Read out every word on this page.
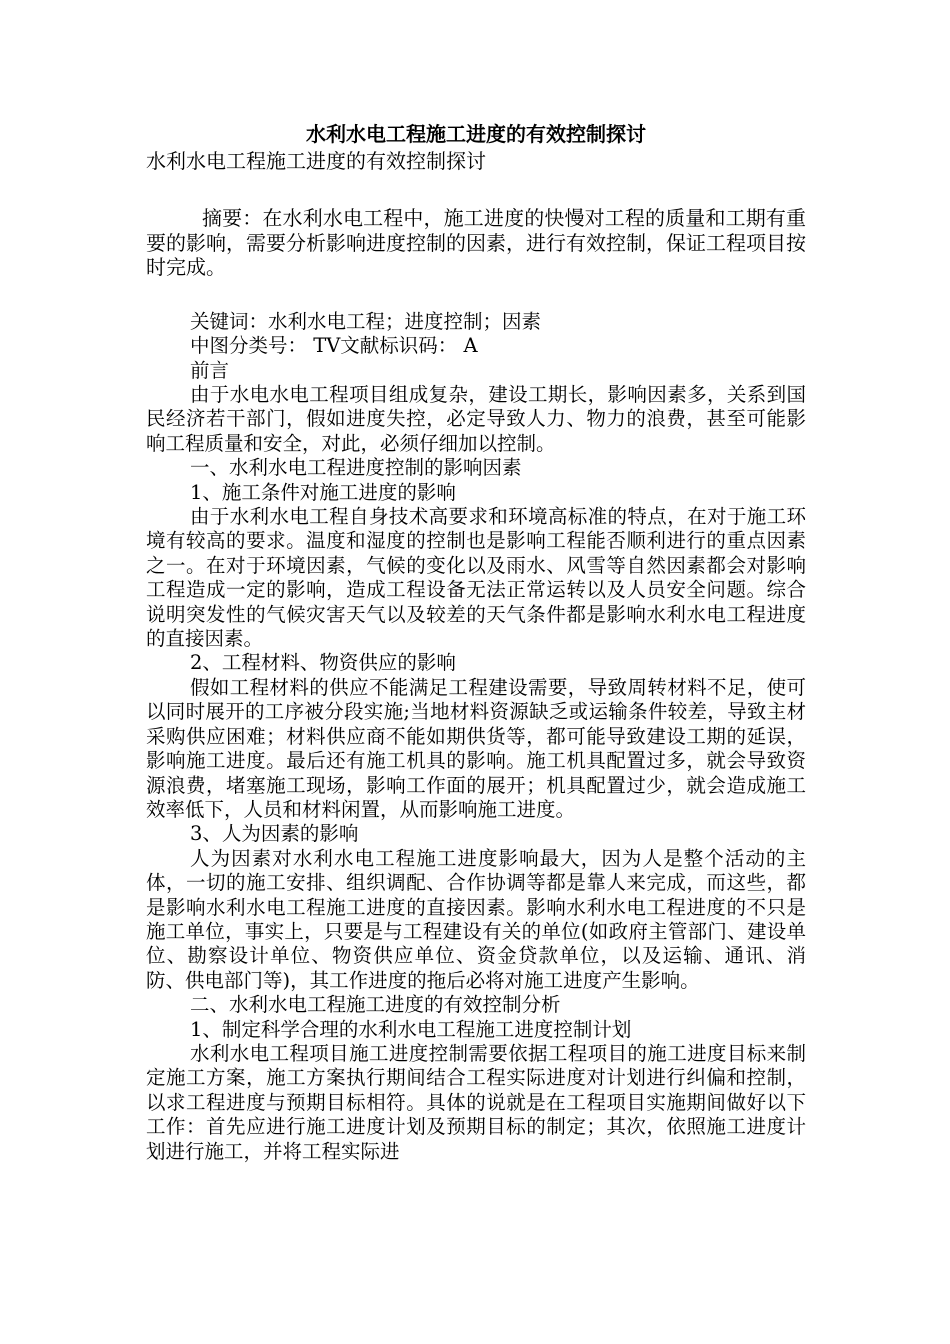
水利水电工程施工进度的有效控制探讨

水利水电工程施工进度的有效控制探讨

摘要：在水利水电工程中，施工进度的快慢对工程的质量和工期有重要的影响，需要分析影响进度控制的因素，进行有效控制，保证工程项目按时完成。

关键词：水利水电工程；进度控制；因素

中图分类号： TV文献标识码： A

前言

由于水电水电工程项目组成复杂，建设工期长，影响因素多，关系到国民经济若干部门，假如进度失控，必定导致人力、物力的浪费，甚至可能影响工程质量和安全，对此，必须仔细加以控制。

一、水利水电工程进度控制的影响因素

1、施工条件对施工进度的影响

由于水利水电工程自身技术高要求和环境高标准的特点，在对于施工环境有较高的要求。温度和湿度的控制也是影响工程能否顺利进行的重点因素之一。在对于环境因素，气候的变化以及雨水、风雪等自然因素都会对影响工程造成一定的影响，造成工程设备无法正常运转以及人员安全问题。综合说明突发性的气候灾害天气以及较差的天气条件都是影响水利水电工程进度的直接因素。

2、工程材料、物资供应的影响

假如工程材料的供应不能满足工程建设需要，导致周转材料不足，使可以同时展开的工序被分段实施;当地材料资源缺乏或运输条件较差，导致主材采购供应困难；材料供应商不能如期供货等，都可能导致建设工期的延误，影响施工进度。最后还有施工机具的影响。施工机具配置过多，就会导致资源浪费，堵塞施工现场，影响工作面的展开；机具配置过少，就会造成施工效率低下，人员和材料闲置，从而影响施工进度。

3、人为因素的影响

人为因素对水利水电工程施工进度影响最大，因为人是整个活动的主体，一切的施工安排、组织调配、合作协调等都是靠人来完成，而这些，都是影响水利水电工程施工进度的直接因素。影响水利水电工程进度的不只是施工单位，事实上，只要是与工程建设有关的单位(如政府主管部门、建设单位、勘察设计单位、物资供应单位、资金贷款单位，以及运输、通讯、消防、供电部门等)，其工作进度的拖后必将对施工进度产生影响。

二、水利水电工程施工进度的有效控制分析

1、制定科学合理的水利水电工程施工进度控制计划

水利水电工程项目施工进度控制需要依据工程项目的施工进度目标来制定施工方案，施工方案执行期间结合工程实际进度对计划进行纠偏和控制，以求工程进度与预期目标相符。具体的说就是在工程项目实施期间做好以下工作：首先应进行施工进度计划及预期目标的制定；其次，依照施工进度计划进行施工，并将工程实际进
